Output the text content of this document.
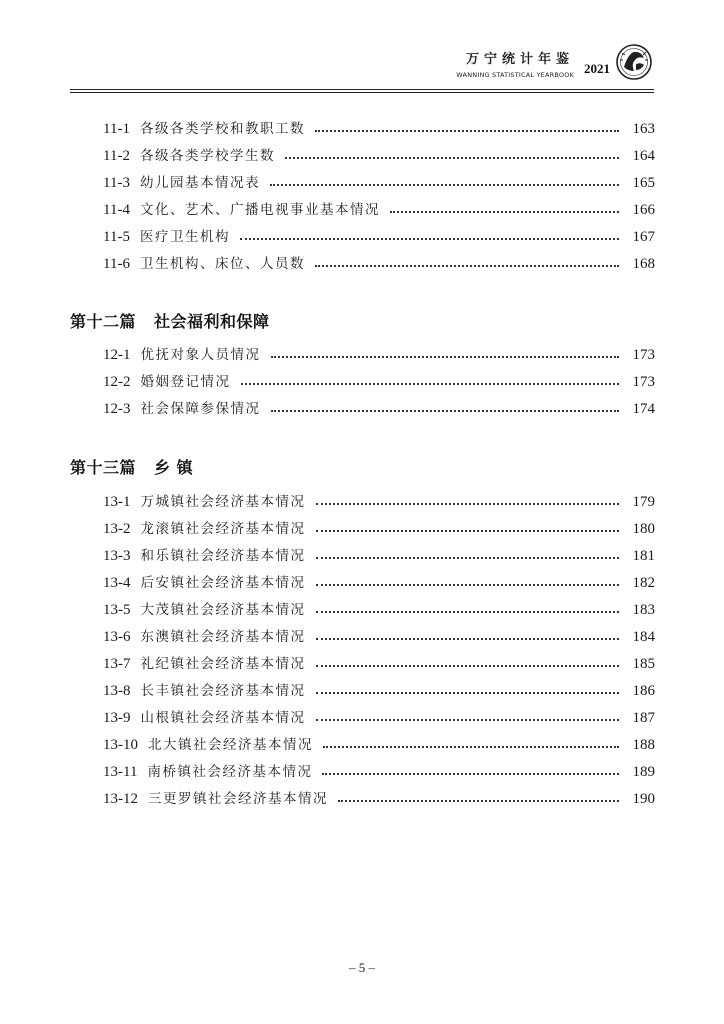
万宁统计年鉴
WANNING STATISTICAL YEARBOOK 2021
11-1 各级各类学校和教职工数	163
11-2 各级各类学校学生数	164
11-3 幼儿园基本情况表	165
11-4 文化、艺术、广播电视事业基本情况	166
11-5 医疗卫生机构	167
11-6 卫生机构、床位、人员数	168
第十二篇 社会福利和保障
12-1 优抚对象人员情况	173
12-2 婚姻登记情况	173
12-3 社会保障参保情况	174
第十三篇 乡 镇
13-1 万城镇社会经济基本情况	179
13-2 龙滚镇社会经济基本情况	180
13-3 和乐镇社会经济基本情况	181
13-4 后安镇社会经济基本情况	182
13-5 大茂镇社会经济基本情况	183
13-6 东澳镇社会经济基本情况	184
13-7 礼纪镇社会经济基本情况	185
13-8 长丰镇社会经济基本情况	186
13-9 山根镇社会经济基本情况	187
13-10 北大镇社会经济基本情况	188
13-11 南桥镇社会经济基本情况	189
13-12 三更罗镇社会经济基本情况	190
– 5 –
